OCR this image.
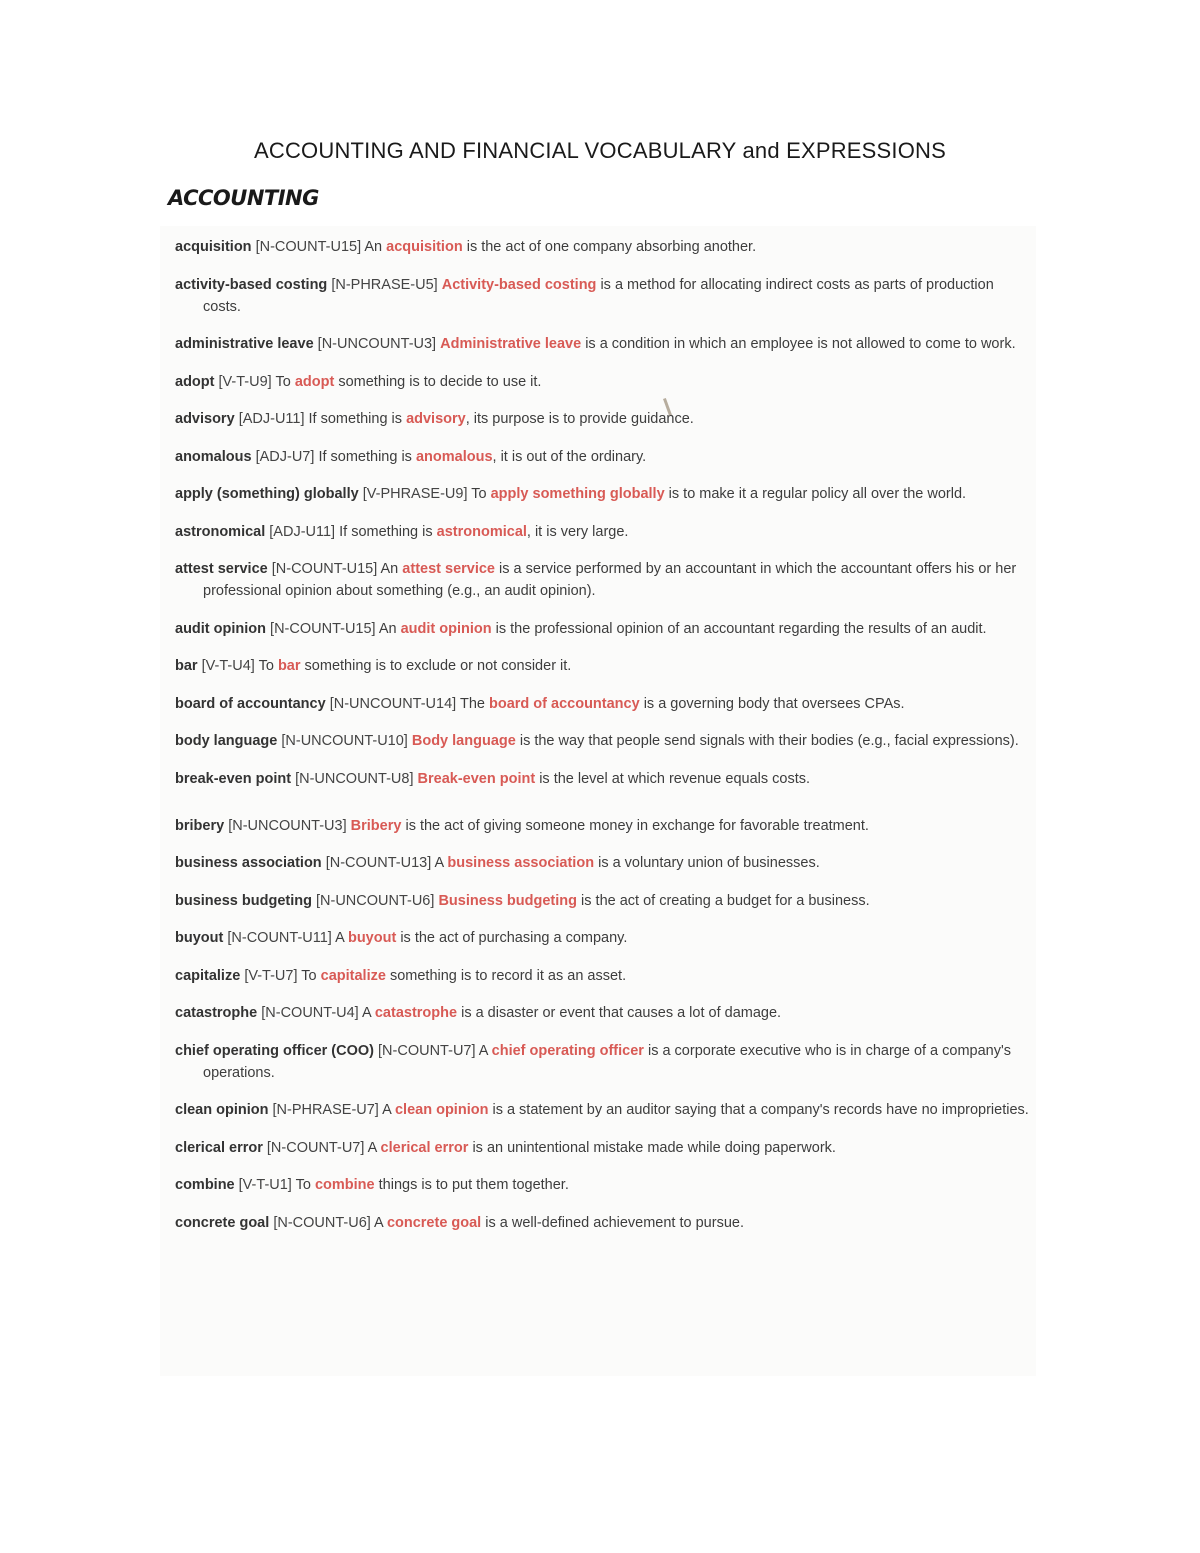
ACCOUNTING AND FINANCIAL VOCABULARY and EXPRESSIONS
ACCOUNTING

acquisition [N-COUNT-U15] An acquisition is the act of one company absorbing another.

activity-based costing [N-PHRASE-U5] Activity-based costing is a method for allocating indirect costs as parts of production costs.

administrative leave [N-UNCOUNT-U3] Administrative leave is a condition in which an employee is not allowed to come to work.

adopt [V-T-U9] To adopt something is to decide to use it.

advisory [ADJ-U11] If something is advisory, its purpose is to provide guidance.

anomalous [ADJ-U7] If something is anomalous, it is out of the ordinary.

apply (something) globally [V-PHRASE-U9] To apply something globally is to make it a regular policy all over the world.

astronomical [ADJ-U11] If something is astronomical, it is very large.

attest service [N-COUNT-U15] An attest service is a service performed by an accountant in which the accountant offers his or her professional opinion about something (e.g., an audit opinion).

audit opinion [N-COUNT-U15] An audit opinion is the professional opinion of an accountant regarding the results of an audit.

bar [V-T-U4] To bar something is to exclude or not consider it.

board of accountancy [N-UNCOUNT-U14] The board of accountancy is a governing body that oversees CPAs.

body language [N-UNCOUNT-U10] Body language is the way that people send signals with their bodies (e.g., facial expressions).

break-even point [N-UNCOUNT-U8] Break-even point is the level at which revenue equals costs.

bribery [N-UNCOUNT-U3] Bribery is the act of giving someone money in exchange for favorable treatment.

business association [N-COUNT-U13] A business association is a voluntary union of businesses.

business budgeting [N-UNCOUNT-U6] Business budgeting is the act of creating a budget for a business.

buyout [N-COUNT-U11] A buyout is the act of purchasing a company.

capitalize [V-T-U7] To capitalize something is to record it as an asset.

catastrophe [N-COUNT-U4] A catastrophe is a disaster or event that causes a lot of damage.

chief operating officer (COO) [N-COUNT-U7] A chief operating officer is a corporate executive who is in charge of a company's operations.

clean opinion [N-PHRASE-U7] A clean opinion is a statement by an auditor saying that a company's records have no improprieties.

clerical error [N-COUNT-U7] A clerical error is an unintentional mistake made while doing paperwork.

combine [V-T-U1] To combine things is to put them together.

concrete goal [N-COUNT-U6] A concrete goal is a well-defined achievement to pursue.
